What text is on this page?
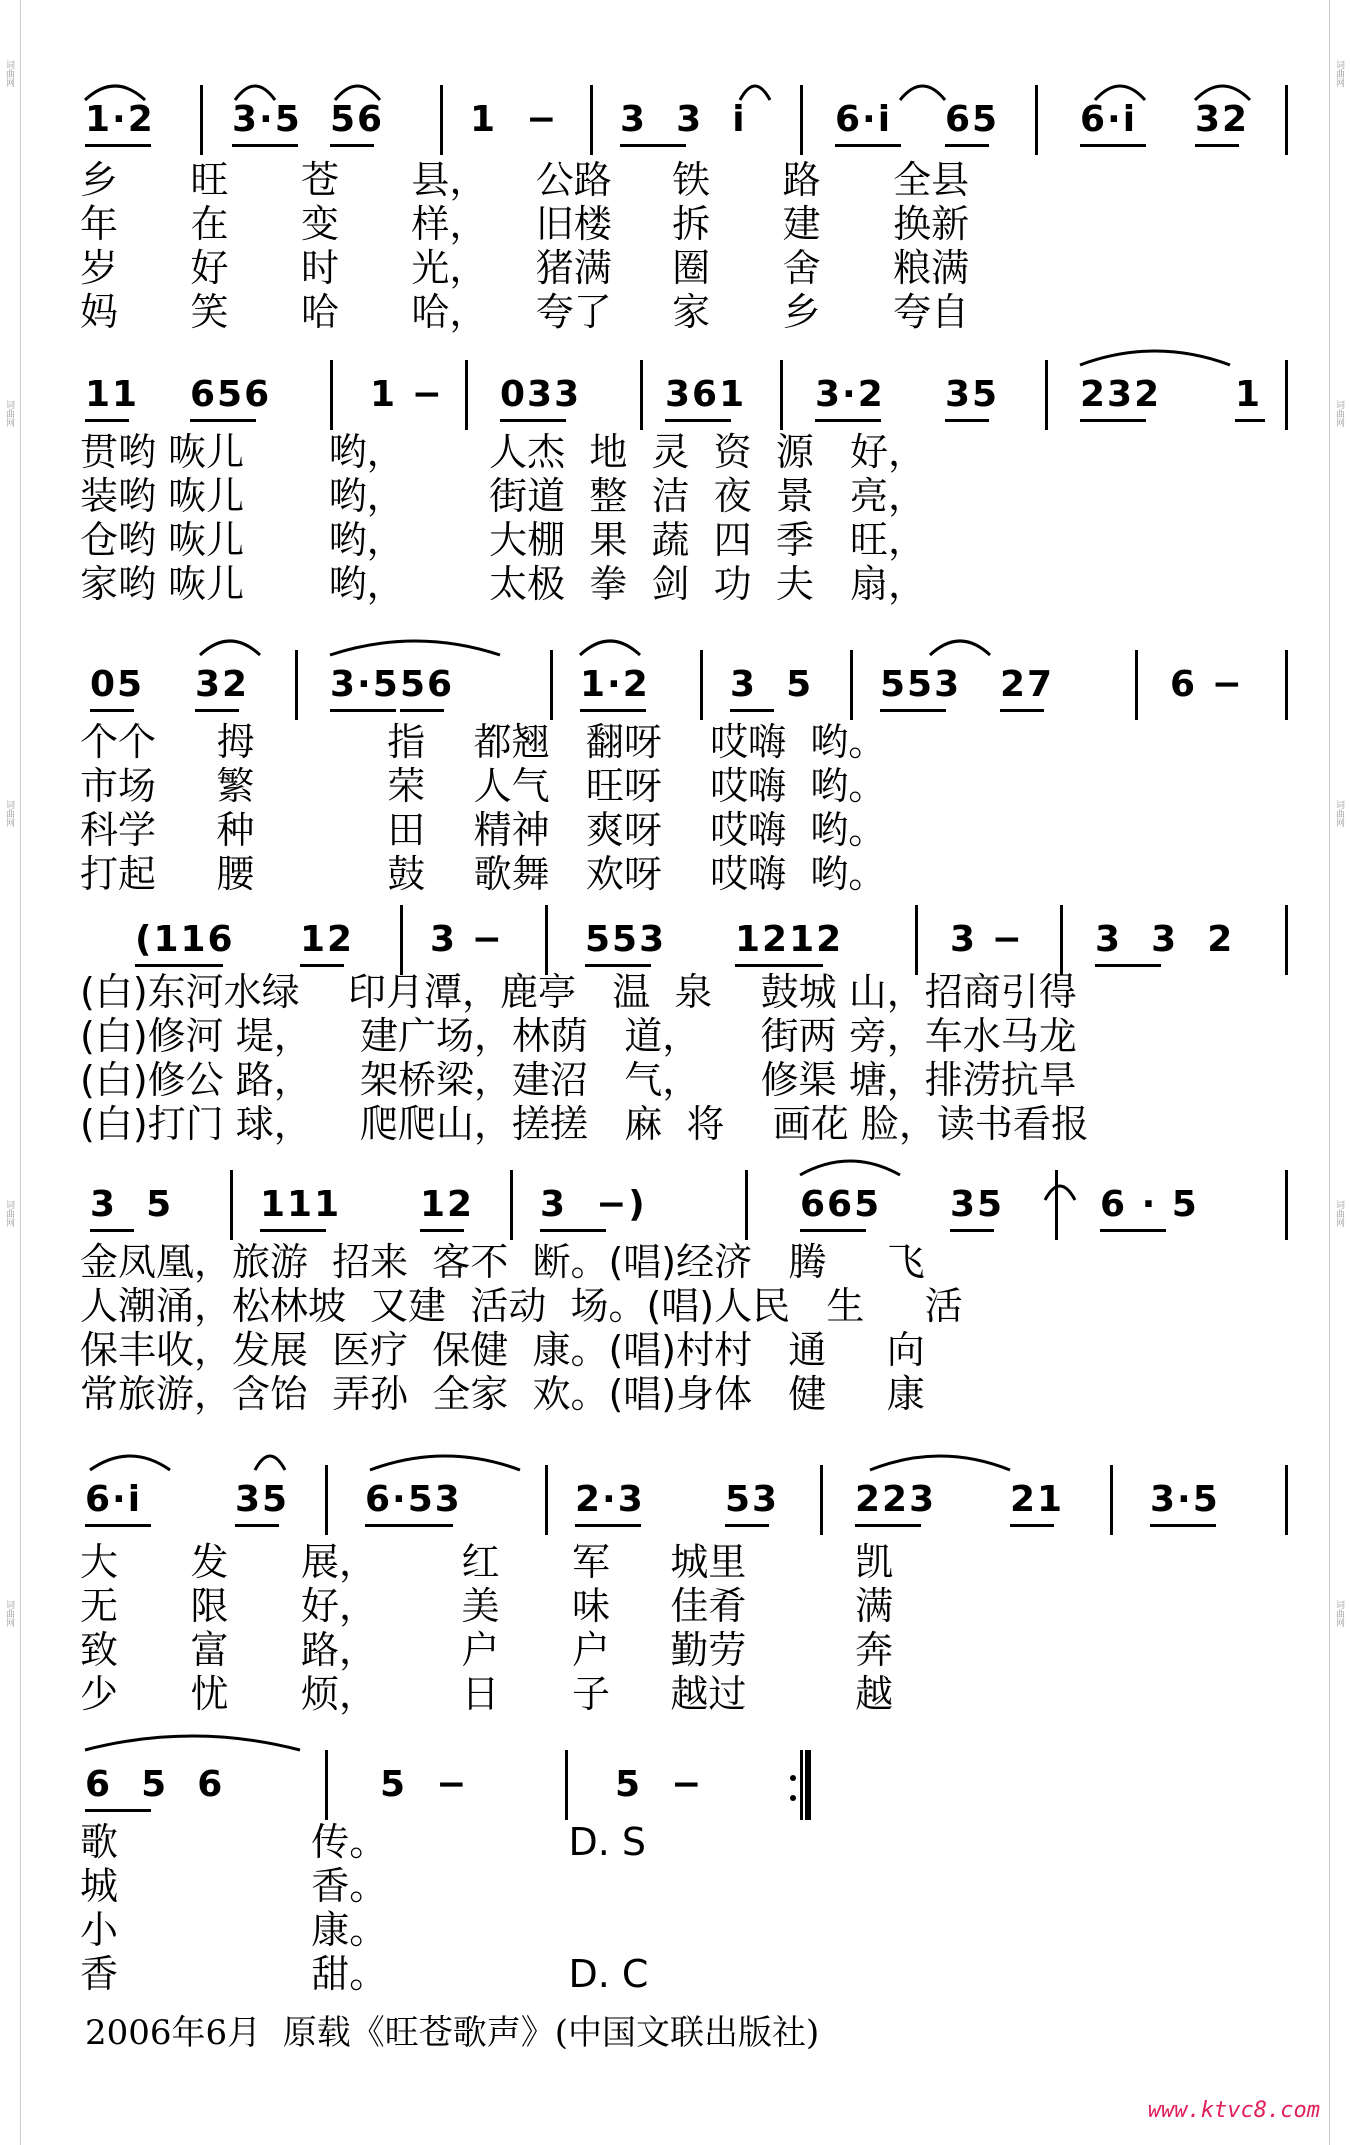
词曲网
词曲网
词曲网
词曲网
词曲网
词曲网
词曲网
词曲网
词曲网
词曲网
1·2 3·5 56 1  − 3  3  i 6·i 65 6·i 32
乡      旺      苍      县，    公路     铁      路      全县
年      在      变      样，    旧楼     拆      建      换新
岁      好      时      光，    猪满     圈      舍      粮满
妈      笑      哈      哈，    夸了     家      乡      夸自
11 656	1 − 033 361 3·2 35 232 1
贯哟 咴儿       哟，       人杰  地  灵  资  源   好，
装哟 咴儿       哟，       街道  整  洁  夜  景   亮，
仓哟 咴儿       哟，       大棚  果  蔬  四  季   旺，
家哟 咴儿       哟，       太极  拳  剑  功  夫   扇，
05 32 3·5 56	1·2 3  5 553 27	6 −
个个     拇           指    都翘   翻呀    哎嗨  哟。
市场     繁           荣    人气   旺呀    哎嗨  哟。
科学     种           田    精神   爽呀    哎嗨  哟。
打起     腰           鼓    歌舞   欢呀    哎嗨  哟。
(116 12 3 − 553 1212	3 − 3  3  2
(白)东河水绿    印月潭，鹿亭   温  泉    鼓城 山，招商引得
(白)修河 堤，    建广场，林荫   道，     街两 旁，车水马龙
(白)修公 路，    架桥梁，建沼   气，     修渠 塘，排涝抗旱
(白)打门 球，    爬爬山，搓搓   麻  将    画花 脸，读书看报
3  5 111 12 3  −)	665 35	6 · 5
金凤凰，旅游  招来  客不  断。(唱)经济   腾     飞
人潮涌，松林坡  又建  活动  场。(唱)人民   生     活
保丰收，发展  医疗  保健  康。(唱)村村   通     向
常旅游，含饴  弄孙  全家  欢。(唱)身体   健     康
6·i	35 6·53	2·3 53 223 21 3·5
大      发      展，       红      军     城里         凯
无      限      好，       美      味     佳肴         满
致      富      路，       户      户     勤劳         奔
少      忧      烦，       日      子     越过         越
6  5  6	5  −	5  −
歌                传。               D. S
城                香。
小                康。
香                甜。               D. C
2006年6月  原载《旺苍歌声》(中国文联出版社)
www.ktvc8.com
